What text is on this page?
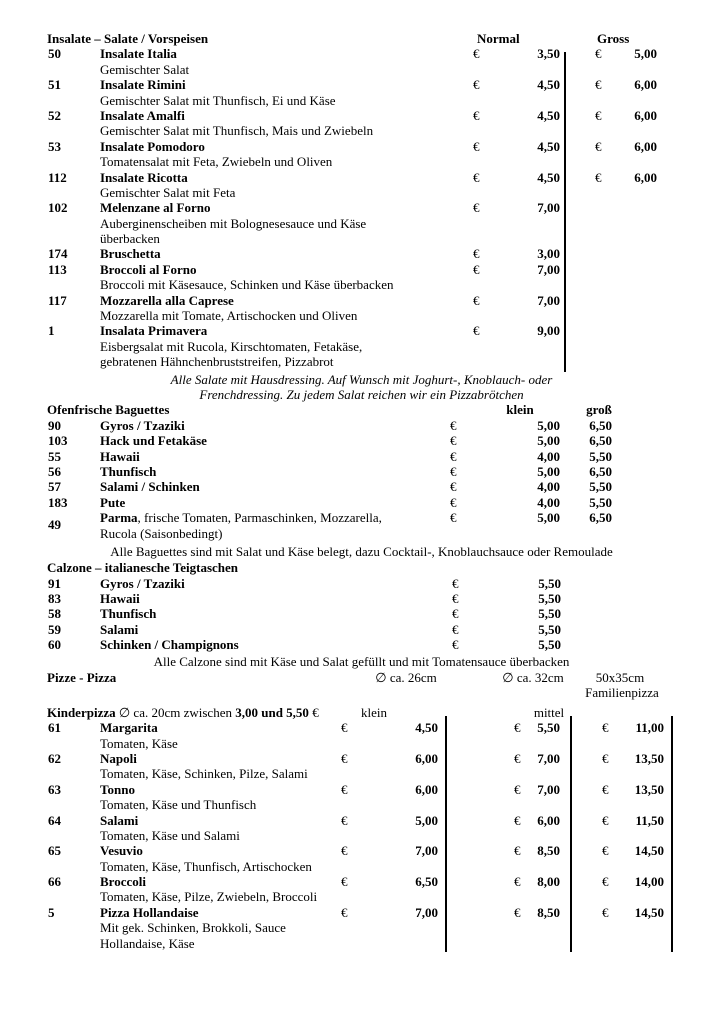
Insalate – Salate / Vorspeisen	Normal	Gross
50	Insalate Italia	€	3,50	€	5,00
Gemischter Salat
51	Insalate Rimini	€	4,50	€	6,00
Gemischter Salat mit Thunfisch, Ei und Käse
52	Insalate Amalfi	€	4,50	€	6,00
Gemischter Salat mit Thunfisch, Mais und Zwiebeln
53	Insalate Pomodoro	€	4,50	€	6,00
Tomatensalat mit Feta, Zwiebeln und Oliven
112	Insalate Ricotta	€	4,50	€	6,00
Gemischter Salat mit Feta
102	Melenzane al Forno	€	7,00
Auberginenscheiben mit Bolognesesauce und Käse
überbacken
174	Bruschetta	€	3,00
113	Broccoli al Forno	€	7,00
Broccoli mit Käsesauce, Schinken und Käse überbacken
117	Mozzarella alla Caprese	€	7,00
Mozzarella mit Tomate, Artischocken und Oliven
1	Insalata Primavera	€	9,00
Eisbergsalat mit Rucola, Kirschtomaten, Fetakäse,
gebratenen Hähnchenbruststreifen, Pizzabrot
Alle Salate mit Hausdressing. Auf Wunsch mit Joghurt-, Knoblauch- oder
Frenchdressing. Zu jedem Salat reichen wir ein Pizzabrötchen
Ofenfrische Baguettes	klein	groß
90	Gyros / Tzaziki	€	5,00	6,50
103	Hack und Fetakäse	€	5,00	6,50
55	Hawaii	€	4,00	5,50
56	Thunfisch	€	5,00	6,50
57	Salami / Schinken	€	4,00	5,50
183	Pute	€	4,00	5,50
49	Parma, frische Tomaten, Parmaschinken, Mozzarella,	€	5,00	6,50
Rucola (Saisonbedingt)
Alle Baguettes sind mit Salat und Käse belegt, dazu Cocktail-, Knoblauchsauce oder Remoulade
Calzone – italianesche Teigtaschen
91	Gyros / Tzaziki	€	5,50
83	Hawaii	€	5,50
58	Thunfisch	€	5,50
59	Salami	€	5,50
60	Schinken / Champignons	€	5,50
Alle Calzone sind mit Käse und Salat gefüllt und mit Tomatensauce überbacken
Pizze - Pizza	∅ ca. 26cm	∅ ca. 32cm	50x35cm
Familienpizza
Kinderpizza ∅ ca. 20cm zwischen 3,00 und 5,50 €	klein	mittel
61	Margarita	€	4,50	€	5,50	€	11,00
Tomaten, Käse
62	Napoli	€	6,00	€	7,00	€	13,50
Tomaten, Käse, Schinken, Pilze, Salami
63	Tonno	€	6,00	€	7,00	€	13,50
Tomaten, Käse und Thunfisch
64	Salami	€	5,00	€	6,00	€	11,50
Tomaten, Käse und Salami
65	Vesuvio	€	7,00	€	8,50	€	14,50
Tomaten, Käse, Thunfisch, Artischocken
66	Broccoli	€	6,50	€	8,00	€	14,00
Tomaten, Käse, Pilze, Zwiebeln, Broccoli
5	Pizza Hollandaise	€	7,00	€	8,50	€	14,50
Mit gek. Schinken, Brokkoli, Sauce
Hollandaise, Käse
